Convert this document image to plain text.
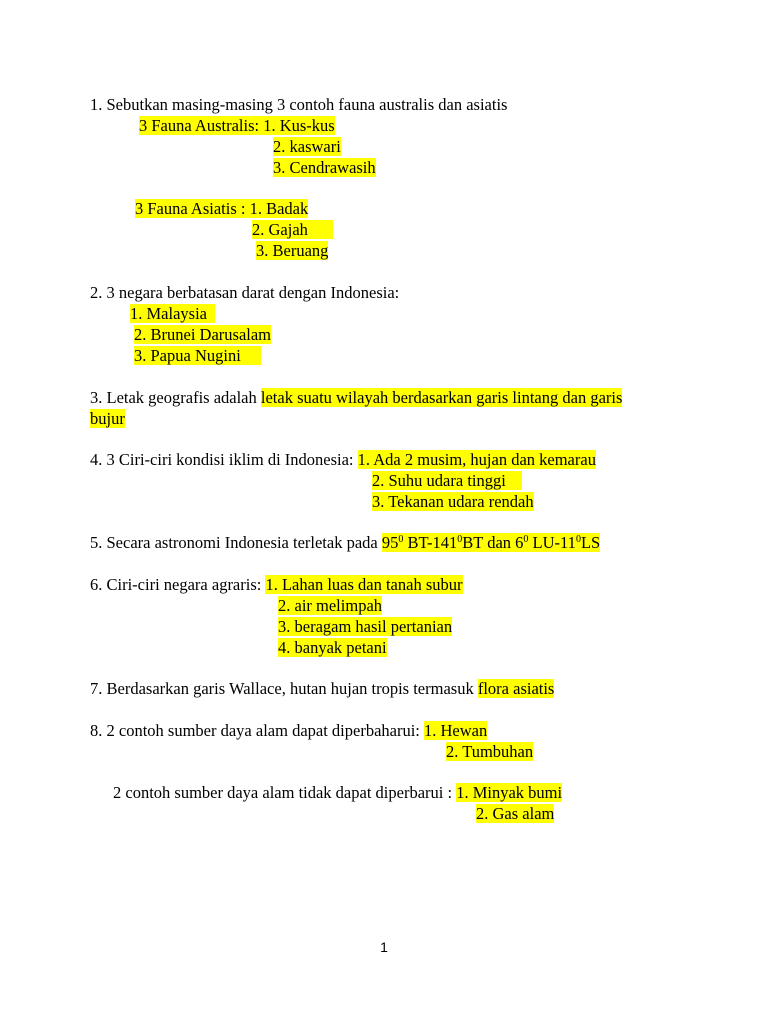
1. Sebutkan masing-masing 3 contoh fauna australis dan asiatis
3 Fauna Australis: 1. Kus-kus
2. kaswari
3. Cendrawasih
3 Fauna Asiatis : 1. Badak
2. Gajah
3. Beruang
2. 3 negara berbatasan darat dengan Indonesia:
1. Malaysia
2. Brunei Darusalam
3. Papua Nugini
3. Letak geografis adalah letak suatu wilayah berdasarkan garis lintang dan garis
bujur
4. 3 Ciri-ciri kondisi iklim di Indonesia: 1. Ada 2 musim, hujan dan kemarau
2. Suhu udara tinggi
3. Tekanan udara rendah
5. Secara astronomi Indonesia terletak pada $95^0$ $BT-141^0BT$ dan $6^0$ $LU-11^0LS$
6. Ciri-ciri negara agraris: 1. Lahan luas dan tanah subur
2. air melimpah
3. beragam hasil pertanian
4. banyak petani
7. Berdasarkan garis Wallace, hutan hujan tropis termasuk flora asiatis
8. 2 contoh sumber daya alam dapat diperbaharui: 1. Hewan
2. Tumbuhan
2 contoh sumber daya alam tidak dapat diperbarui : 1. Minyak bumi
2. Gas alam
1
